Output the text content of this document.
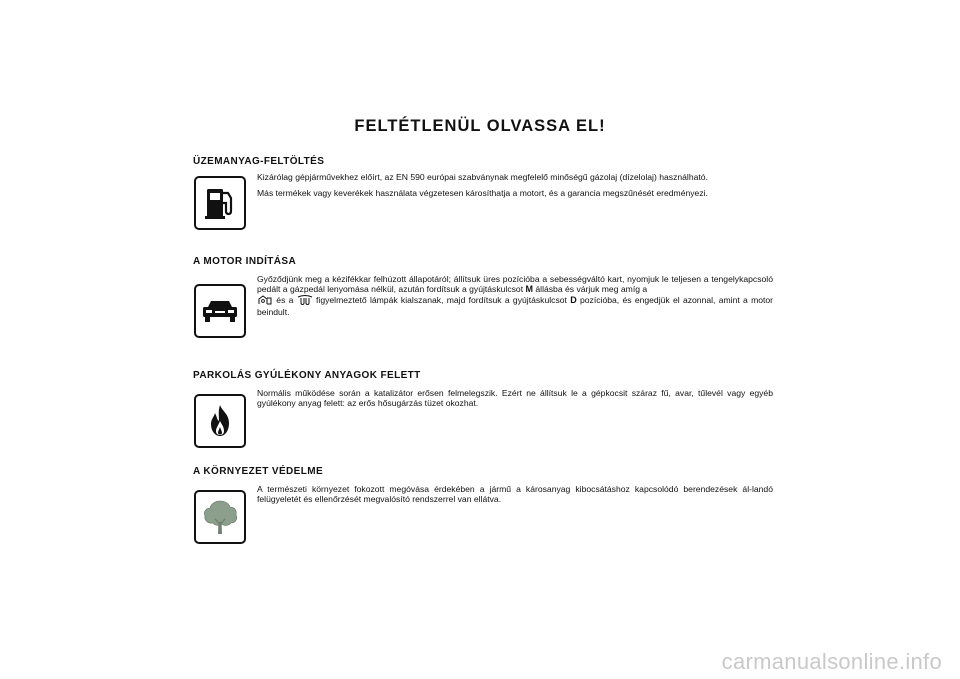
FELTÉTLENÜL OLVASSA EL!
ÜZEMANYAG-FELTÖLTÉS

Kizárólag gépjárművekhez előírt, az EN 590 európai szabványnak megfelelő minőségű gázolaj (dízelolaj) használható.

Más termékek vagy keverékek használata végzetesen károsíthatja a motort, és a garancia megszűnését eredményezi.

A MOTOR INDÍTÁSA

Győződjünk meg a kézifékkar felhúzott állapotáról; állítsuk üres pozícióba a sebességváltó kart, nyomjuk le teljesen a tengelykapcsoló pedált a gázpedál lenyomása nélkül, azután fordítsuk a gyújtáskulcsot M állásba és várjuk meg amíg a
és a	figyelmeztető lámpák kialszanak, majd fordítsuk a gyújtáskulcsot D pozícióba, és engedjük el azonnal, amint a motor beindult.

PARKOLÁS GYÚLÉKONY ANYAGOK FELETT

Normális működése során a katalizátor erősen felmelegszik. Ezért ne állítsuk le a gépkocsit száraz fű, avar, tűlevél vagy egyéb gyúlékony anyag felett: az erős hősugárzás tüzet okozhat.

A KÖRNYEZET VÉDELME

A természeti környezet fokozott megóvása érdekében a jármű a károsanyag kibocsátáshoz kapcsolódó berendezések ál-landó felügyeletét és ellenőrzését megvalósító rendszerrel van ellátva.

carmanualsonline.info
